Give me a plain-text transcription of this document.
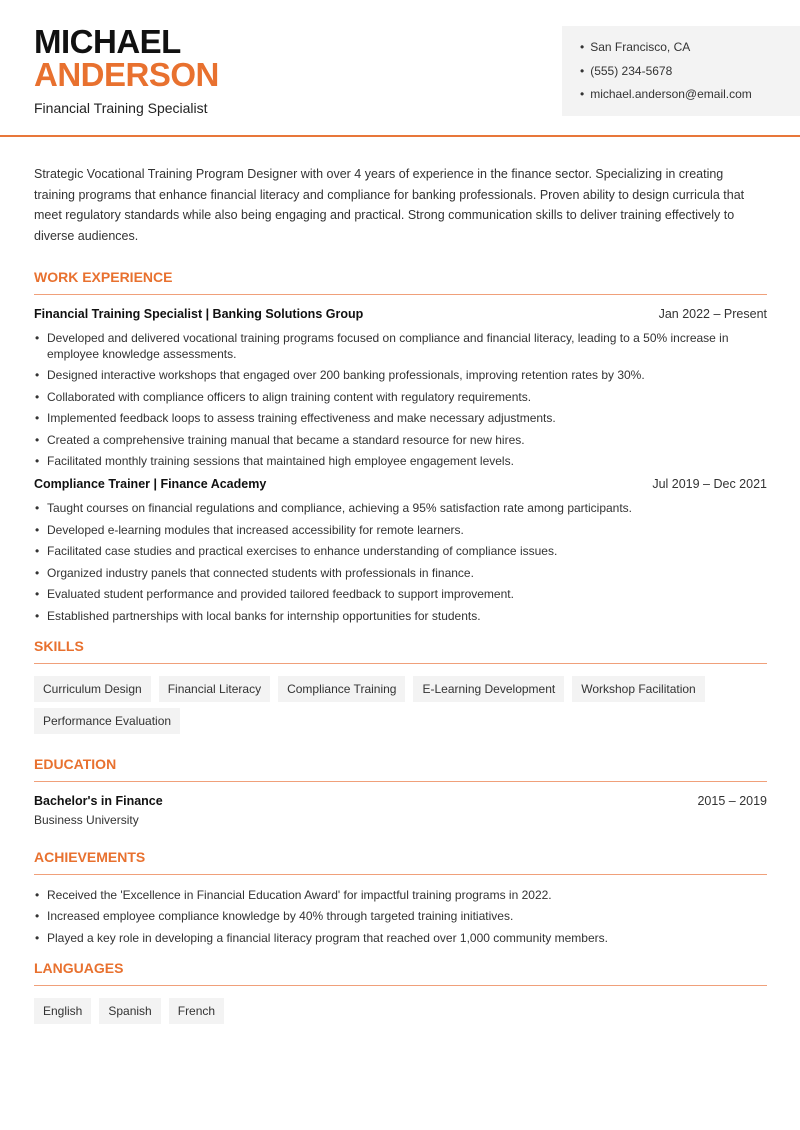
MICHAEL
ANDERSON
Financial Training Specialist
• San Francisco, CA
• (555) 234-5678
• michael.anderson@email.com

Strategic Vocational Training Program Designer with over 4 years of experience in the finance sector. Specializing in creating training programs that enhance financial literacy and compliance for banking professionals. Proven ability to design curricula that meet regulatory standards while also being engaging and practical. Strong communication skills to deliver training effectively to diverse audiences.

WORK EXPERIENCE
Financial Training Specialist | Banking Solutions Group	Jan 2022 – Present
• Developed and delivered vocational training programs focused on compliance and financial literacy, leading to a 50% increase in employee knowledge assessments.
• Designed interactive workshops that engaged over 200 banking professionals, improving retention rates by 30%.
• Collaborated with compliance officers to align training content with regulatory requirements.
• Implemented feedback loops to assess training effectiveness and make necessary adjustments.
• Created a comprehensive training manual that became a standard resource for new hires.
• Facilitated monthly training sessions that maintained high employee engagement levels.
Compliance Trainer | Finance Academy	Jul 2019 – Dec 2021
• Taught courses on financial regulations and compliance, achieving a 95% satisfaction rate among participants.
• Developed e-learning modules that increased accessibility for remote learners.
• Facilitated case studies and practical exercises to enhance understanding of compliance issues.
• Organized industry panels that connected students with professionals in finance.
• Evaluated student performance and provided tailored feedback to support improvement.
• Established partnerships with local banks for internship opportunities for students.
SKILLS
Curriculum Design	Financial Literacy	Compliance Training	E-Learning Development	Workshop Facilitation
Performance Evaluation
EDUCATION
Bachelor's in Finance	2015 – 2019
Business University
ACHIEVEMENTS
• Received the 'Excellence in Financial Education Award' for impactful training programs in 2022.
• Increased employee compliance knowledge by 40% through targeted training initiatives.
• Played a key role in developing a financial literacy program that reached over 1,000 community members.
LANGUAGES
English	Spanish	French
